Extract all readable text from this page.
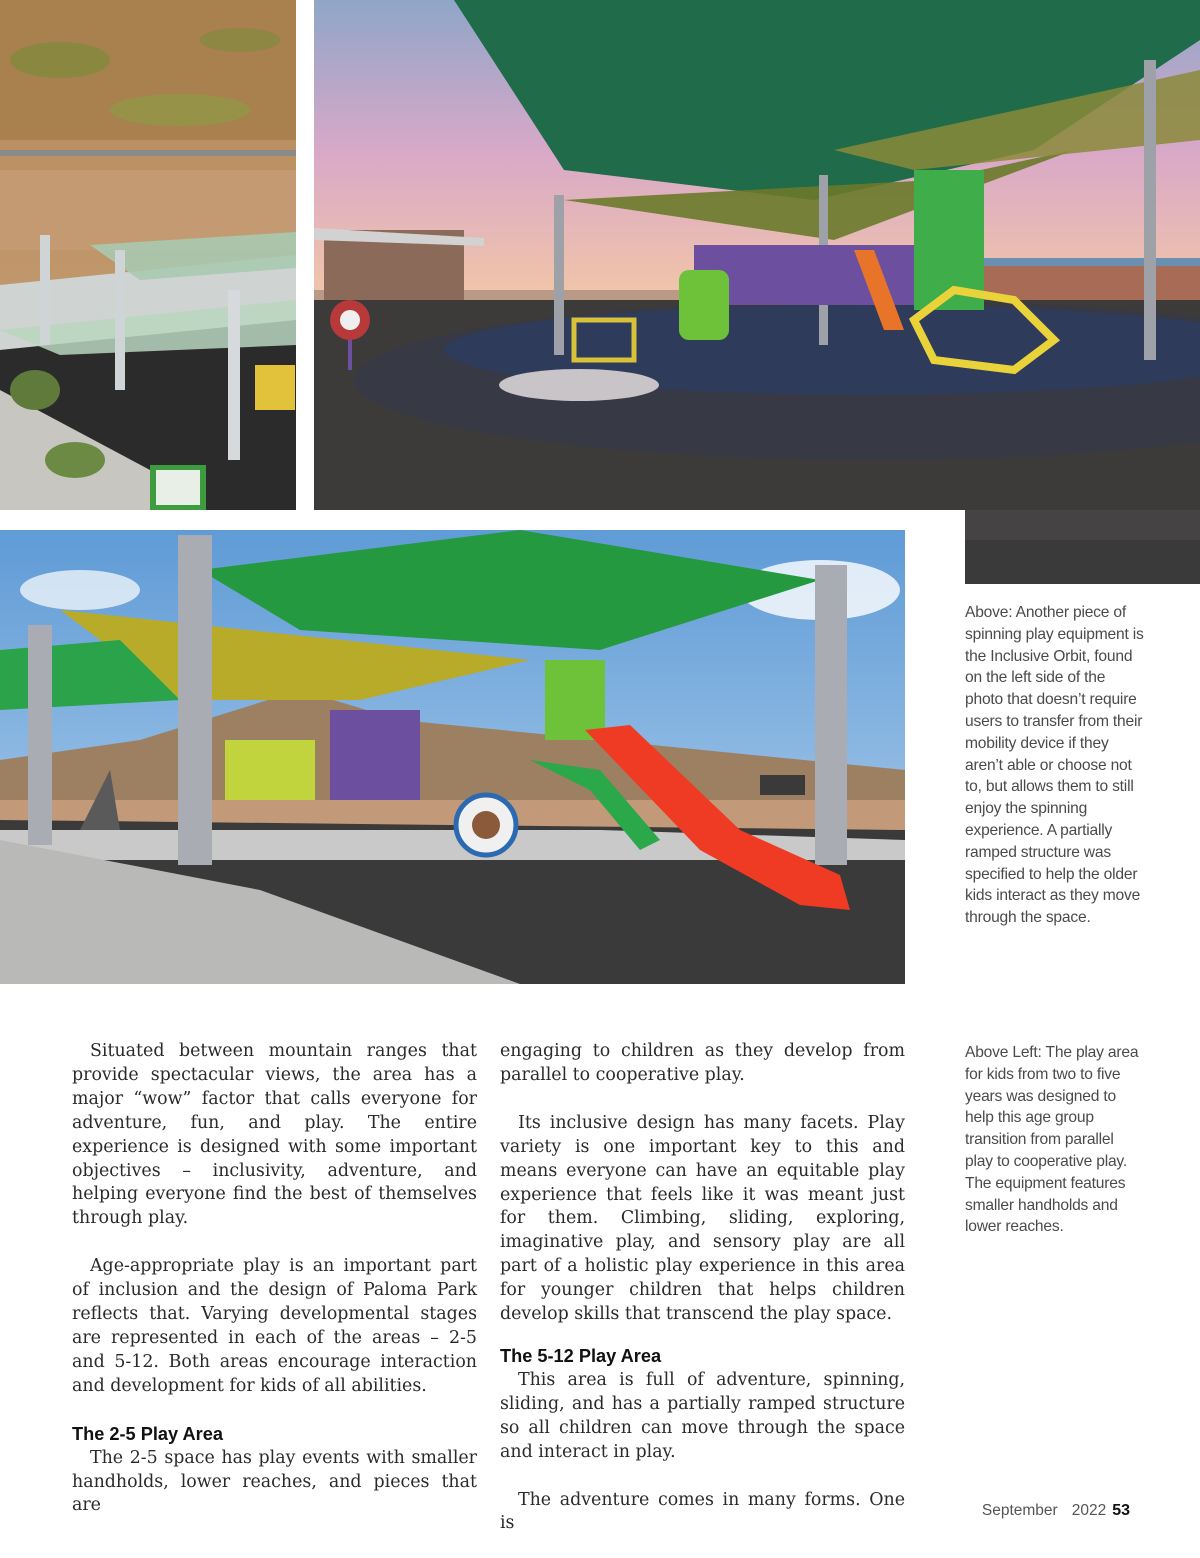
Above: Another piece of spinning play equipment is the Inclusive Orbit, found on the left side of the photo that doesn’t require users to transfer from their mobility device if they aren’t able or choose not to, but allows them to still enjoy the spinning experience. A partially ramped structure was specified to help the older kids interact as they move through the space.
Above Left: The play area for kids from two to five years was designed to help this age group transition from parallel play to cooperative play. The equipment features smaller handholds and lower reaches.

Situated between mountain ranges that provide spectacular views, the area has a major “wow” factor that calls everyone for adventure, fun, and play. The entire experience is designed with some important objectives – inclusivity, adventure, and helping everyone find the best of themselves through play.

Age-appropriate play is an important part of inclusion and the design of Paloma Park reflects that. Varying developmental stages are represented in each of the areas – 2-5 and 5-12. Both areas encourage interaction and development for kids of all abilities.

The 2-5 Play Area

The 2-5 space has play events with smaller handholds, lower reaches, and pieces that are

engaging to children as they develop from parallel to cooperative play.

Its inclusive design has many facets. Play variety is one important key to this and means everyone can have an equitable play experience that feels like it was meant just for them. Climbing, sliding, exploring, imaginative play, and sensory play are all part of a holistic play experience in this area for younger children that helps children develop skills that transcend the play space.

The 5-12 Play Area

This area is full of adventure, spinning, sliding, and has a partially ramped structure so all children can move through the space and interact in play.

The adventure comes in many forms. One is

September 2022 53
